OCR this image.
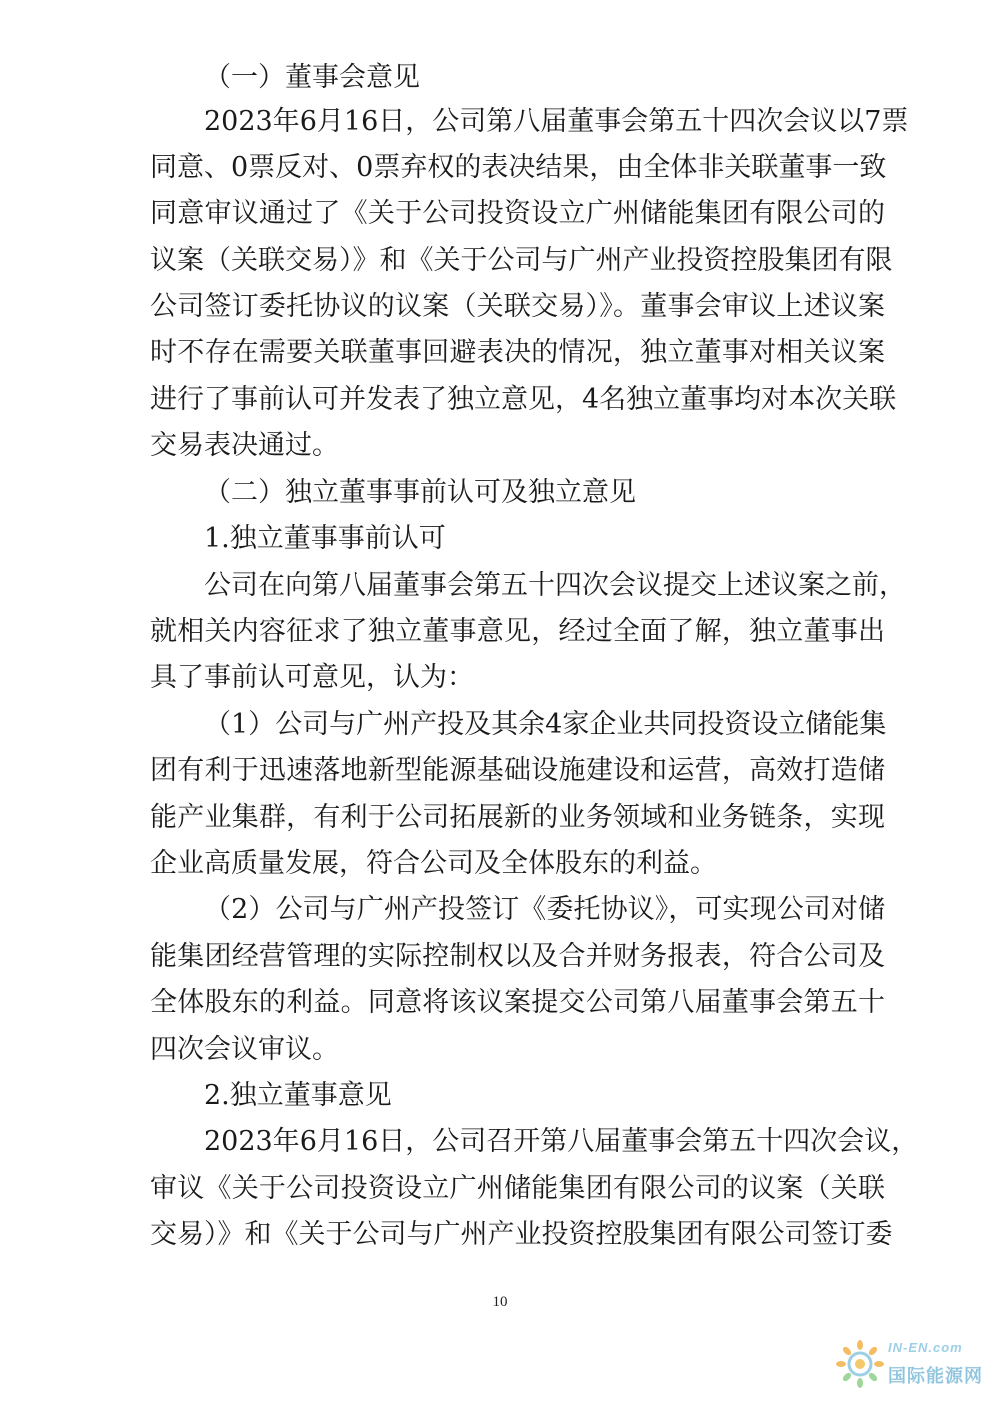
（一）董事会意见
2023年6月16日，公司第八届董事会第五十四次会议以7票
同意、0票反对、0票弃权的表决结果，由全体非关联董事一致
同意审议通过了《关于公司投资设立广州储能集团有限公司的
议案（关联交易）》和《关于公司与广州产业投资控股集团有限
公司签订委托协议的议案（关联交易）》。董事会审议上述议案
时不存在需要关联董事回避表决的情况，独立董事对相关议案
进行了事前认可并发表了独立意见，4名独立董事均对本次关联
交易表决通过。
（二）独立董事事前认可及独立意见
1.独立董事事前认可
公司在向第八届董事会第五十四次会议提交上述议案之前，
就相关内容征求了独立董事意见，经过全面了解，独立董事出
具了事前认可意见，认为：
（1）公司与广州产投及其余4家企业共同投资设立储能集
团有利于迅速落地新型能源基础设施建设和运营，高效打造储
能产业集群，有利于公司拓展新的业务领域和业务链条，实现
企业高质量发展，符合公司及全体股东的利益。
（2）公司与广州产投签订《委托协议》，可实现公司对储
能集团经营管理的实际控制权以及合并财务报表，符合公司及
全体股东的利益。同意将该议案提交公司第八届董事会第五十
四次会议审议。
2.独立董事意见
2023年6月16日，公司召开第八届董事会第五十四次会议，
审议《关于公司投资设立广州储能集团有限公司的议案（关联
交易）》和《关于公司与广州产业投资控股集团有限公司签订委
10
IN-EN.com
国际能源网
